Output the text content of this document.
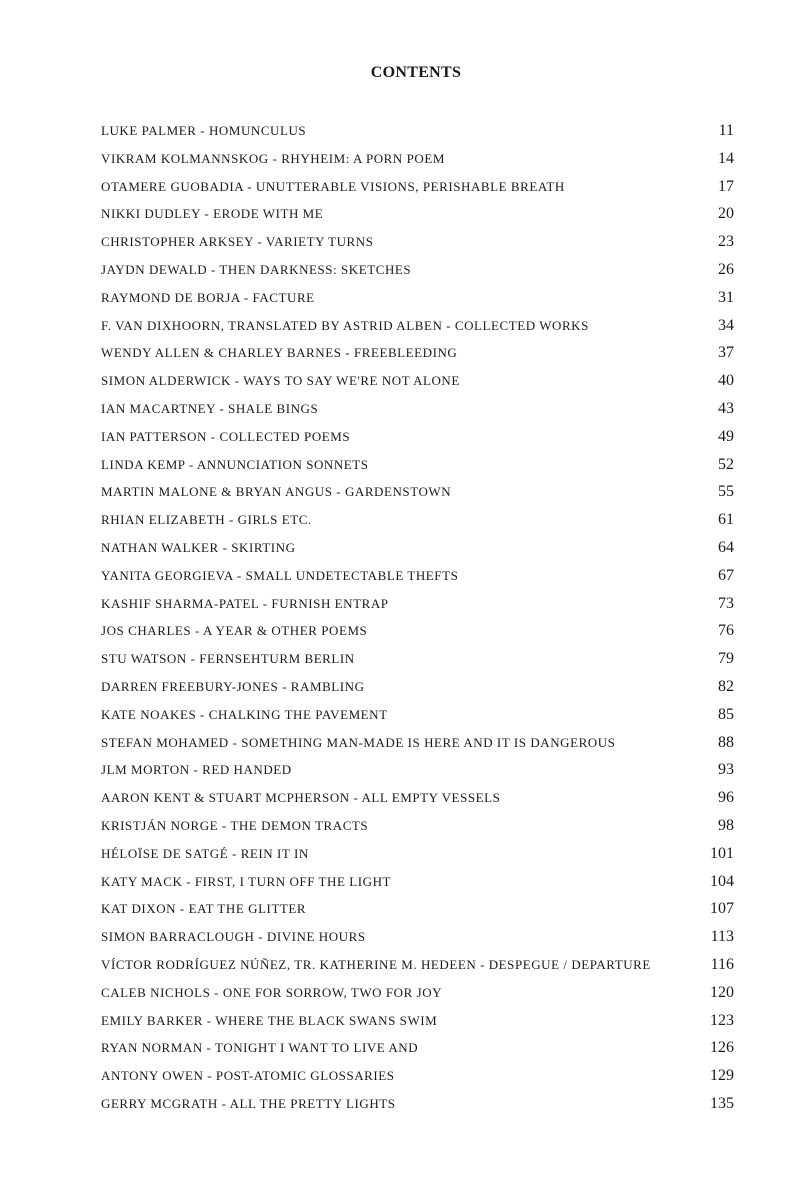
CONTENTS
LUKE PALMER - HOMUNCULUS	11
VIKRAM KOLMANNSKOG - RHYHEIM: A PORN POEM	14
OTAMERE GUOBADIA - UNUTTERABLE VISIONS, PERISHABLE BREATH	17
NIKKI DUDLEY - ERODE WITH ME	20
CHRISTOPHER ARKSEY - VARIETY TURNS	23
JAYDN DEWALD - THEN DARKNESS: SKETCHES	26
RAYMOND DE BORJA - FACTURE	31
F. VAN DIXHOORN, TRANSLATED BY ASTRID ALBEN - COLLECTED WORKS	34
WENDY ALLEN & CHARLEY BARNES - FREEBLEEDING	37
SIMON ALDERWICK - WAYS TO SAY WE'RE NOT ALONE	40
IAN MACARTNEY - SHALE BINGS	43
IAN PATTERSON - COLLECTED POEMS	49
LINDA KEMP - ANNUNCIATION SONNETS	52
MARTIN MALONE & BRYAN ANGUS - GARDENSTOWN	55
RHIAN ELIZABETH - GIRLS ETC.	61
NATHAN WALKER - SKIRTING	64
YANITA GEORGIEVA - SMALL UNDETECTABLE THEFTS	67
KASHIF SHARMA-PATEL - FURNISH ENTRAP	73
JOS CHARLES - A YEAR & OTHER POEMS	76
STU WATSON - FERNSEHTURM BERLIN	79
DARREN FREEBURY-JONES - RAMBLING	82
KATE NOAKES - CHALKING THE PAVEMENT	85
STEFAN MOHAMED - SOMETHING MAN-MADE IS HERE AND IT IS DANGEROUS	88
JLM MORTON - RED HANDED	93
AARON KENT & STUART MCPHERSON - ALL EMPTY VESSELS	96
KRISTJÁN NORGE - THE DEMON TRACTS	98
HÉLOÏSE DE SATGÉ - REIN IT IN	101
KATY MACK - FIRST, I TURN OFF THE LIGHT	104
KAT DIXON - EAT THE GLITTER	107
SIMON BARRACLOUGH - DIVINE HOURS	113
VÍCTOR RODRÍGUEZ NÚÑEZ, TR. KATHERINE M. HEDEEN - DESPEGUE / DEPARTURE	116
CALEB NICHOLS - ONE FOR SORROW, TWO FOR JOY	120
EMILY BARKER - WHERE THE BLACK SWANS SWIM	123
RYAN NORMAN - TONIGHT I WANT TO LIVE AND	126
ANTONY OWEN - POST-ATOMIC GLOSSARIES	129
GERRY MCGRATH - ALL THE PRETTY LIGHTS	135
